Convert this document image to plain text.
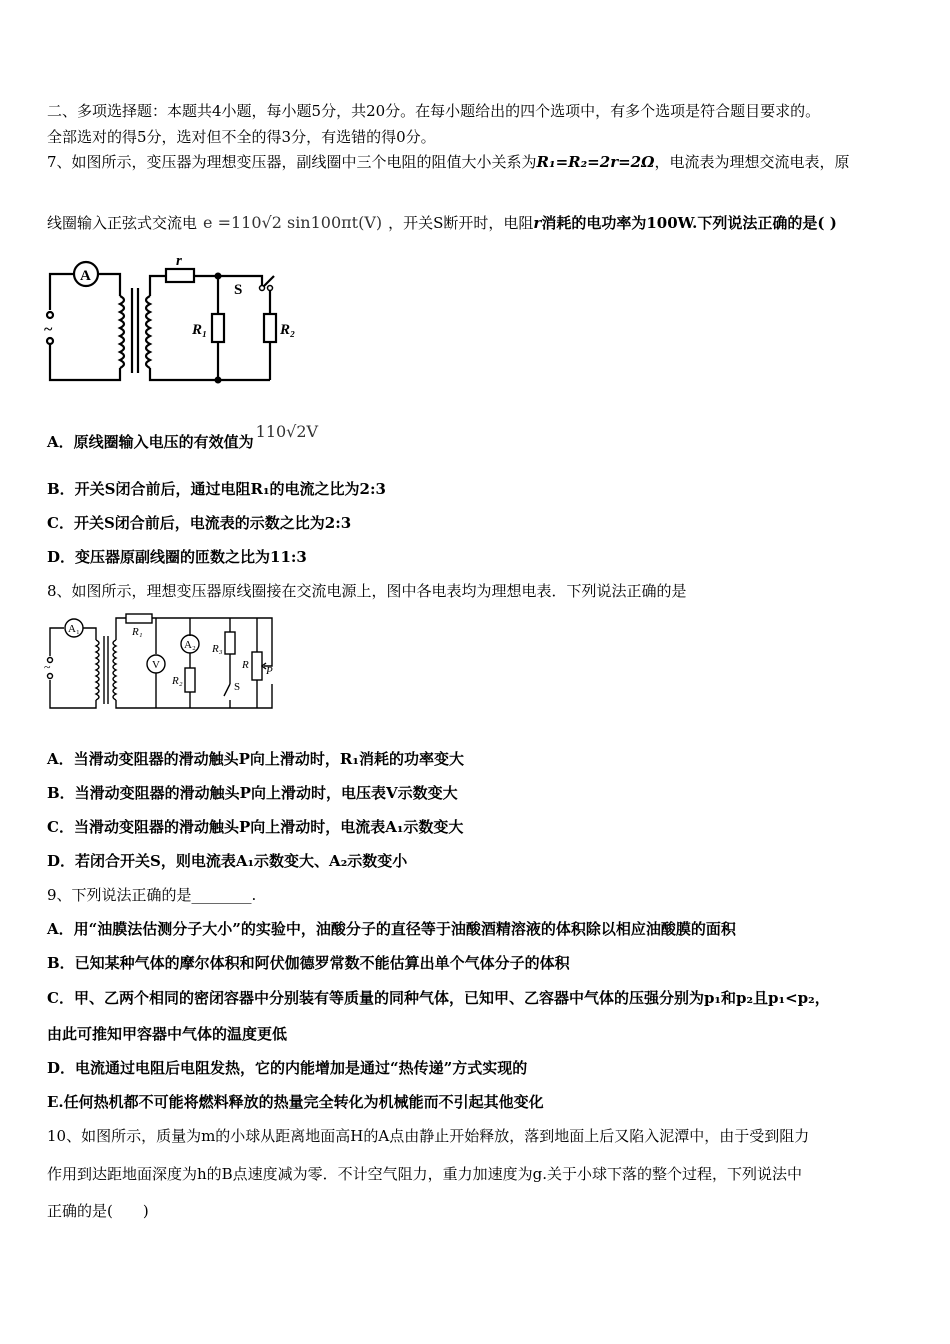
二、多项选择题：本题共4小题，每小题5分，共20分。在每小题给出的四个选项中，有多个选项是符合题目要求的。
全部选对的得5分，选对但不全的得3分，有选错的得0分。
7、如图所示，变压器为理想变压器，副线圈中三个电阻的阻值大小关系为R₁=R₂=2r=2Ω，电流表为理想交流电表，原
线圈输入正弦式交流电 e =110√2 sin100πt(V) ，开关S断开时，电阻r消耗的电功率为100W.下列说法正确的是( )
A
~
r
S
R₁	R₂
A．原线圈输入电压的有效值为110√2V
B．开关S闭合前后，通过电阻R₁的电流之比为2:3
C．开关S闭合前后，电流表的示数之比为2:3
D．变压器原副线圈的匝数之比为11:3
8、如图所示，理想变压器原线圈接在交流电源上，图中各电表均为理想电表．下列说法正确的是
A₁
A₂
V
~
R₁
R₂
R₃
R P
S
A．当滑动变阻器的滑动触头P向上滑动时，R₁消耗的功率变大
B．当滑动变阻器的滑动触头P向上滑动时，电压表V示数变大
C．当滑动变阻器的滑动触头P向上滑动时，电流表A₁示数变大
D．若闭合开关S，则电流表A₁示数变大、A₂示数变小
9、下列说法正确的是________.
A．用“油膜法估测分子大小”的实验中，油酸分子的直径等于油酸酒精溶液的体积除以相应油酸膜的面积
B．已知某种气体的摩尔体积和阿伏伽德罗常数不能估算出单个气体分子的体积
C．甲、乙两个相同的密闭容器中分别装有等质量的同种气体，已知甲、乙容器中气体的压强分别为p₁和p₂且p₁<p₂，
由此可推知甲容器中气体的温度更低
D．电流通过电阻后电阻发热，它的内能增加是通过“热传递”方式实现的
E.任何热机都不可能将燃料释放的热量完全转化为机械能而不引起其他变化
10、如图所示，质量为m的小球从距离地面高H的A点由静止开始释放，落到地面上后又陷入泥潭中，由于受到阻力
作用到达距地面深度为h的B点速度减为零．不计空气阻力，重力加速度为g.关于小球下落的整个过程，下列说法中
正确的是(　　)
